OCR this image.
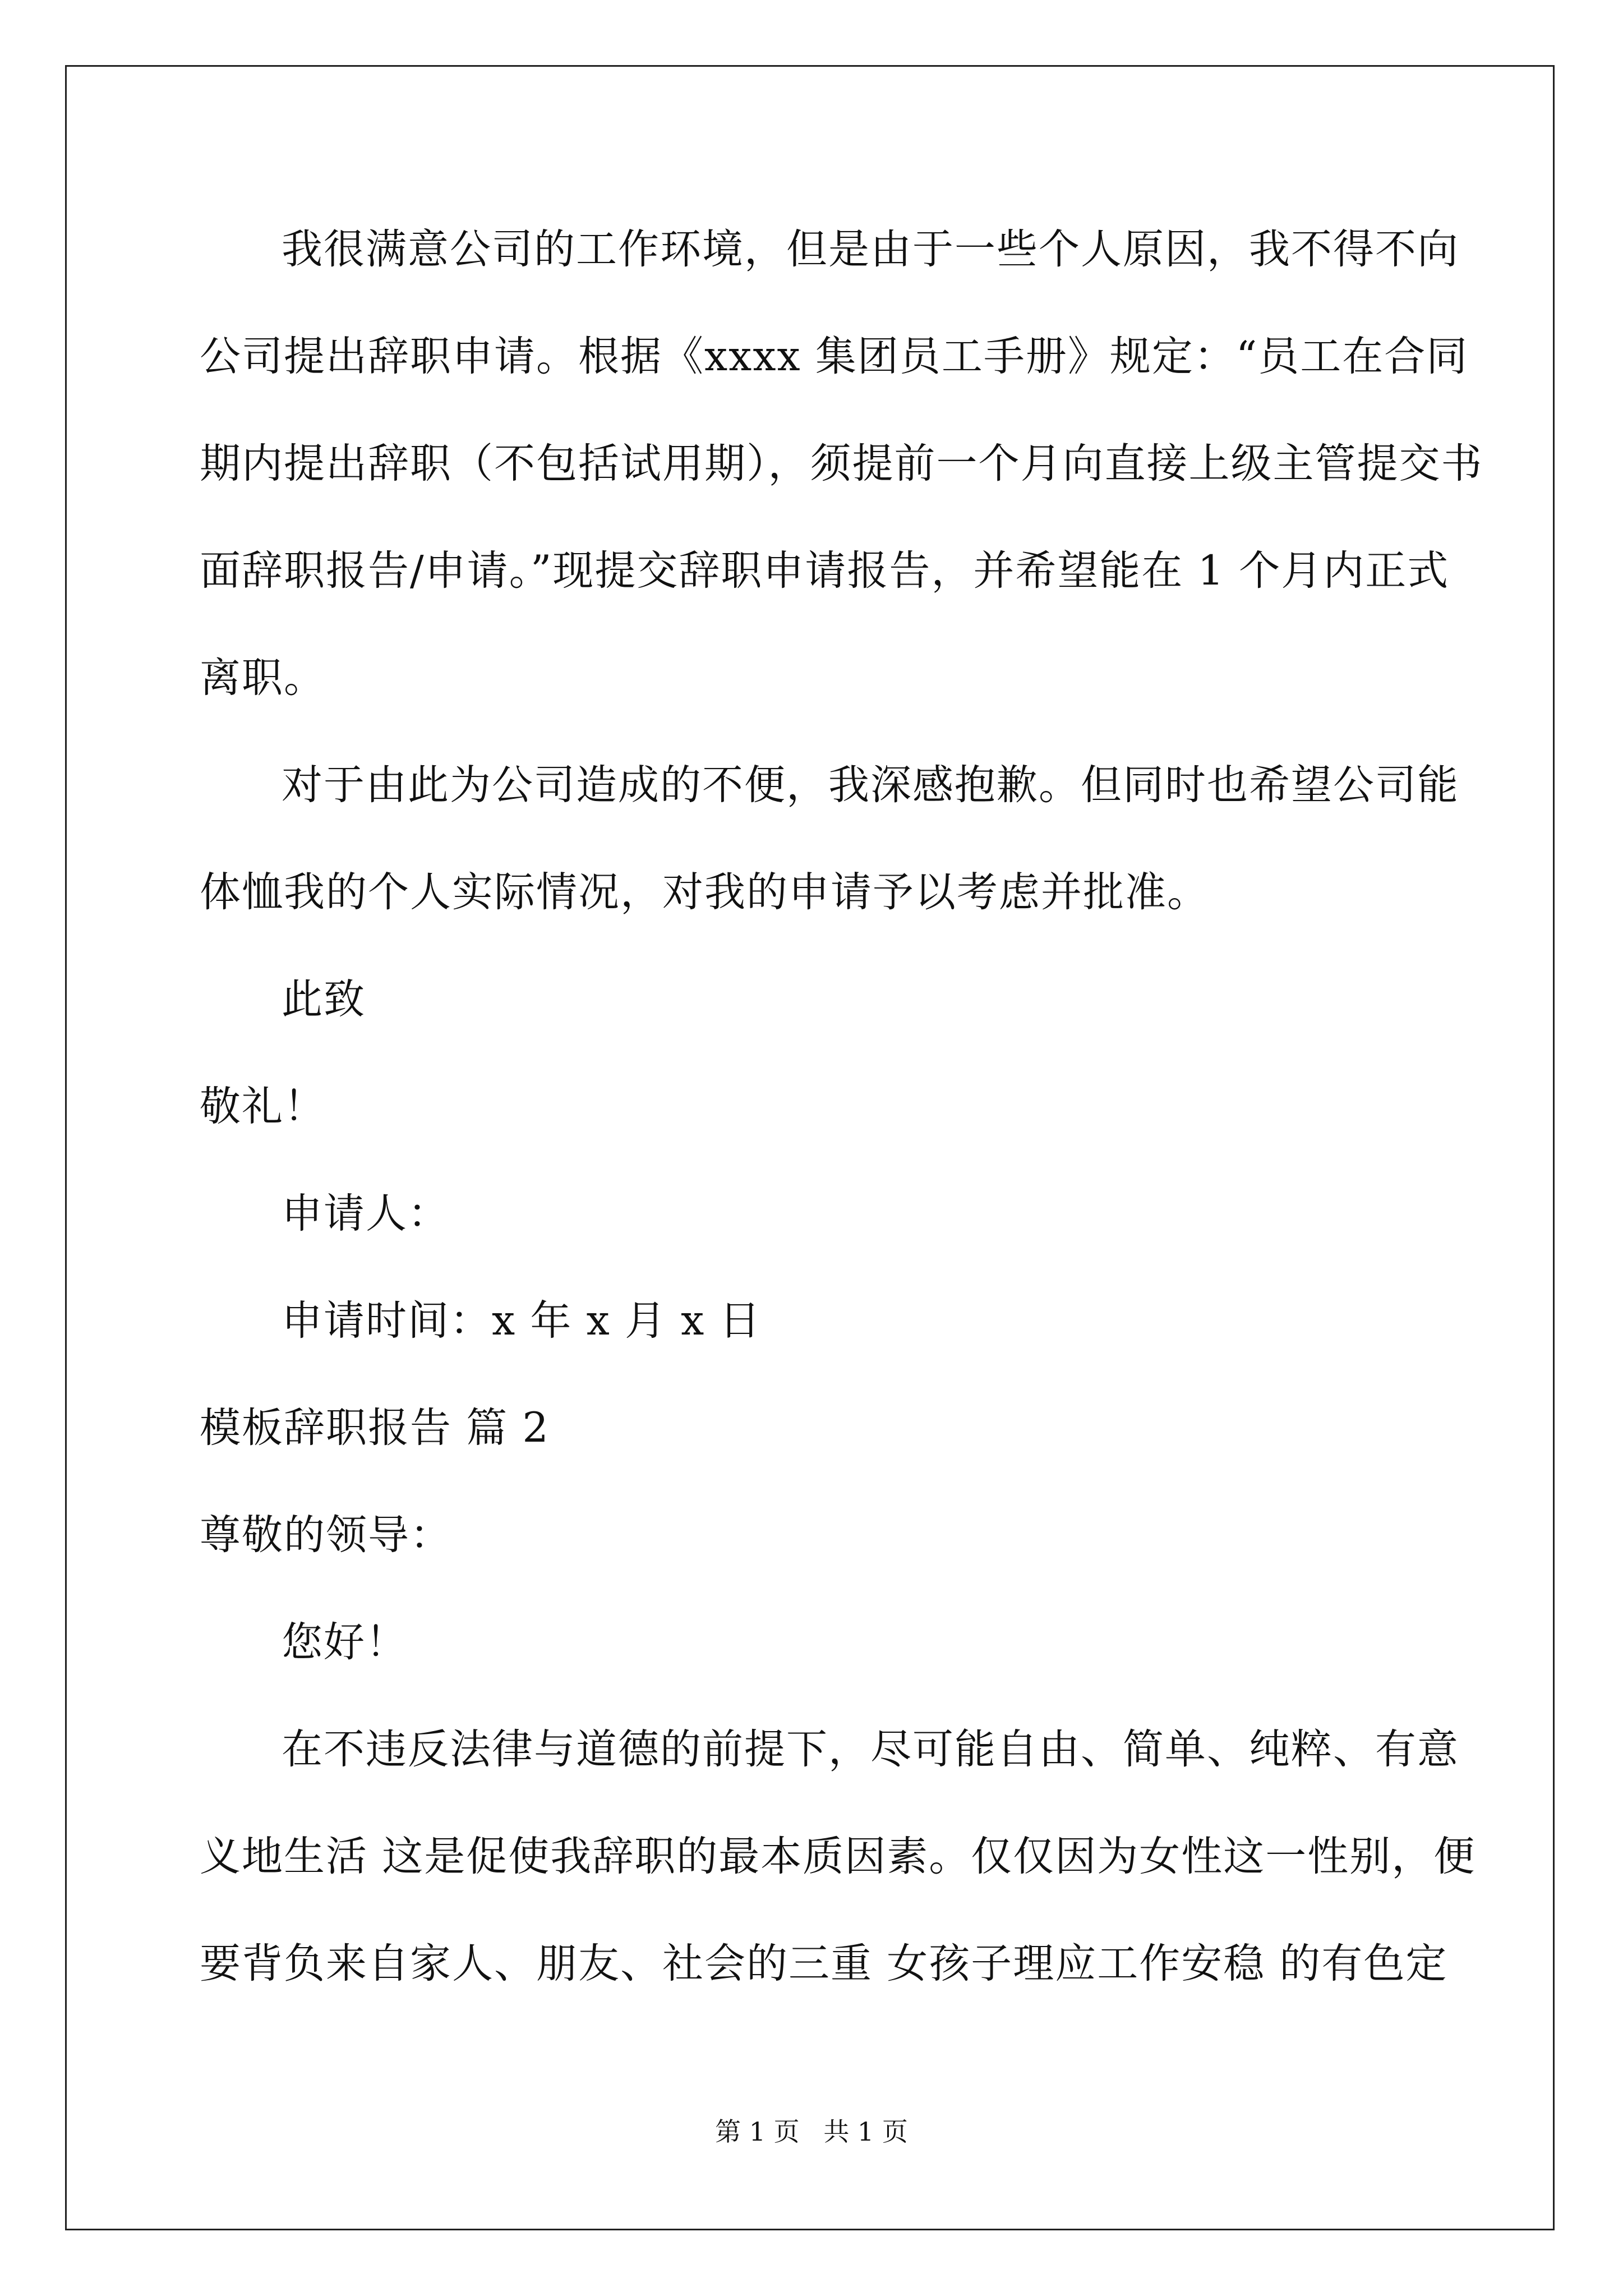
我很满意公司的工作环境，但是由于一些个人原因，我不得不向
公司提出辞职申请。根据《xxxx 集团员工手册》规定：“员工在合同
期内提出辞职（不包括试用期），须提前一个月向直接上级主管提交书
面辞职报告/申请。”现提交辞职申请报告，并希望能在 1 个月内正式
离职。
对于由此为公司造成的不便，我深感抱歉。但同时也希望公司能
体恤我的个人实际情况，对我的申请予以考虑并批准。
此致
敬礼！
申请人：
申请时间：x 年 x 月 x 日
模板辞职报告 篇 2
尊敬的领导：
您好！
在不违反法律与道德的前提下，尽可能自由、简单、纯粹、有意
义地生活 这是促使我辞职的最本质因素。仅仅因为女性这一性别，便
要背负来自家人、朋友、社会的三重 女孩子理应工作安稳 的有色定
第 1 页 共 1 页
